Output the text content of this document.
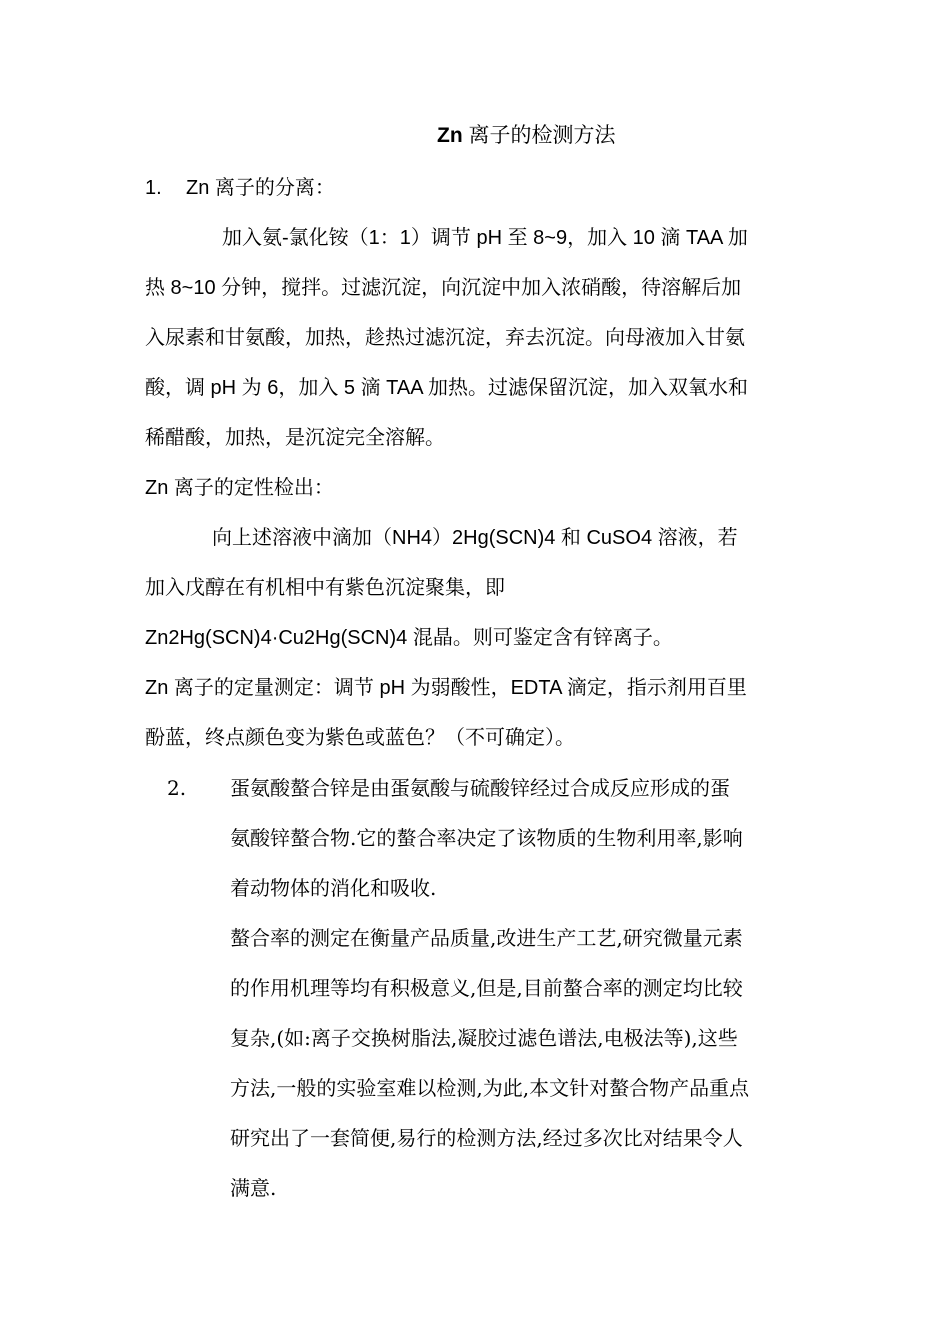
Zn 离子的检测方法
1. Zn 离子的分离：
加入氨-氯化铵（1：1）调节 pH 至 8~9，加入 10 滴 TAA 加
热 8~10 分钟，搅拌。过滤沉淀，向沉淀中加入浓硝酸，待溶解后加
入尿素和甘氨酸，加热，趁热过滤沉淀，弃去沉淀。向母液加入甘氨
酸，调 pH 为 6，加入 5 滴 TAA 加热。过滤保留沉淀，加入双氧水和
稀醋酸，加热，是沉淀完全溶解。
Zn 离子的定性检出：
向上述溶液中滴加（NH4）2Hg(SCN)4 和 CuSO4 溶液，若
加入戊醇在有机相中有紫色沉淀聚集，即
Zn2Hg(SCN)4·Cu2Hg(SCN)4 混晶。则可鉴定含有锌离子。
Zn 离子的定量测定：调节 pH 为弱酸性，EDTA 滴定，指示剂用百里
酚蓝，终点颜色变为紫色或蓝色？（不可确定）。
2. 蛋氨酸螯合锌是由蛋氨酸与硫酸锌经过合成反应形成的蛋
氨酸锌螯合物.它的螯合率决定了该物质的生物利用率,影响
着动物体的消化和吸收.
螯合率的测定在衡量产品质量,改进生产工艺,研究微量元素
的作用机理等均有积极意义,但是,目前螯合率的测定均比较
复杂,(如:离子交换树脂法,凝胶过滤色谱法,电极法等),这些
方法,一般的实验室难以检测,为此,本文针对螯合物产品重点
研究出了一套简便,易行的检测方法,经过多次比对结果令人
满意.
